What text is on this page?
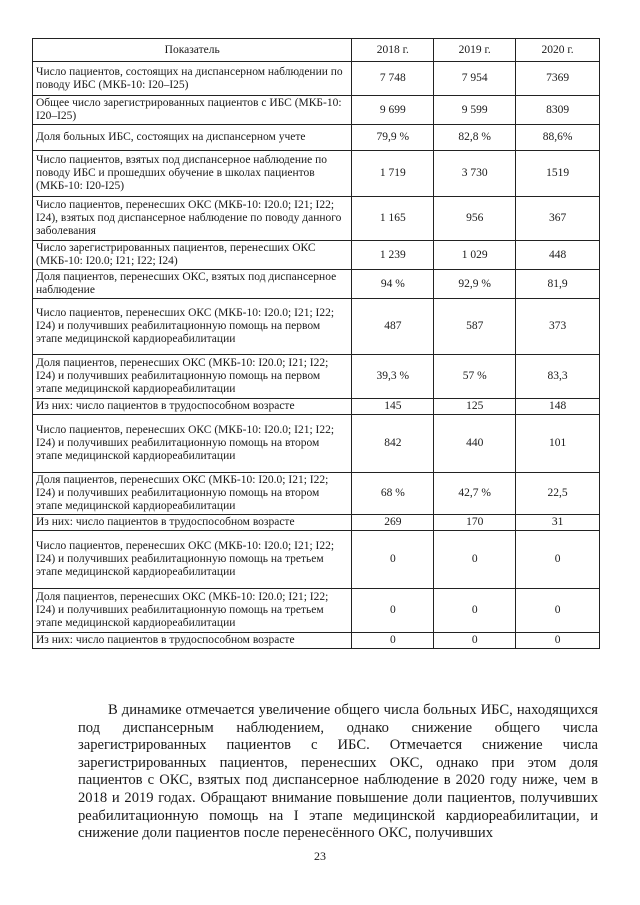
Показатель	2018 г.	2019 г.	2020 г.
Число пациентов, состоящих на диспансерном наблюдении по поводу ИБС (МКБ-10: I20–I25)	7 748	7 954	7369
Общее число зарегистрированных пациентов с ИБС (МКБ-10: I20–I25)	9 699	9 599	8309
Доля больных ИБС, состоящих на диспансерном учете	79,9 %	82,8 %	88,6%
Число пациентов, взятых под диспансерное наблюдение по поводу ИБС и прошедших обучение в школах пациентов (МКБ-10: I20-I25)	1 719	3 730	1519
Число пациентов, перенесших ОКС (МКБ-10: I20.0; I21; I22; I24), взятых под диспансерное наблюдение по поводу данного заболевания	1 165	956	367
Число зарегистрированных пациентов, перенесших ОКС (МКБ-10: I20.0; I21; I22; I24)	1 239	1 029	448
Доля пациентов, перенесших ОКС, взятых под диспансерное наблюдение	94 %	92,9 %	81,9
Число пациентов, перенесших ОКС (МКБ-10: I20.0; I21; I22; I24) и получивших реабилитационную помощь на первом этапе медицинской кардиореабилитации	487	587	373
Доля пациентов, перенесших ОКС (МКБ-10: I20.0; I21; I22; I24) и получивших реабилитационную помощь на первом этапе медицинской кардиореабилитации	39,3 %	57 %	83,3
Из них: число пациентов в трудоспособном возрасте	145	125	148
Число пациентов, перенесших ОКС (МКБ-10: I20.0; I21; I22; I24) и получивших реабилитационную помощь на втором этапе медицинской кардиореабилитации	842	440	101
Доля пациентов, перенесших ОКС (МКБ-10: I20.0; I21; I22; I24) и получивших реабилитационную помощь на втором этапе медицинской кардиореабилитации	68 %	42,7 %	22,5
Из них: число пациентов в трудоспособном возрасте	269	170	31
Число пациентов, перенесших ОКС (МКБ-10: I20.0; I21; I22; I24) и получивших реабилитационную помощь на третьем этапе медицинской кардиореабилитации	0	0	0
Доля пациентов, перенесших ОКС (МКБ-10: I20.0; I21; I22; I24) и получивших реабилитационную помощь на третьем этапе медицинской кардиореабилитации	0	0	0
Из них: число пациентов в трудоспособном возрасте	0	0	0

В динамике отмечается увеличение общего числа больных ИБС, находящихся под диспансерным наблюдением, однако снижение общего числа зарегистрированных пациентов с ИБС. Отмечается снижение числа зарегистрированных пациентов, перенесших ОКС, однако при этом доля пациентов с ОКС, взятых под диспансерное наблюдение в 2020 году ниже, чем в 2018 и 2019 годах. Обращают внимание повышение доли пациентов, получивших реабилитационную помощь на I этапе медицинской кардиореабилитации, и снижение доли пациентов после перенесённого ОКС, получивших

23
